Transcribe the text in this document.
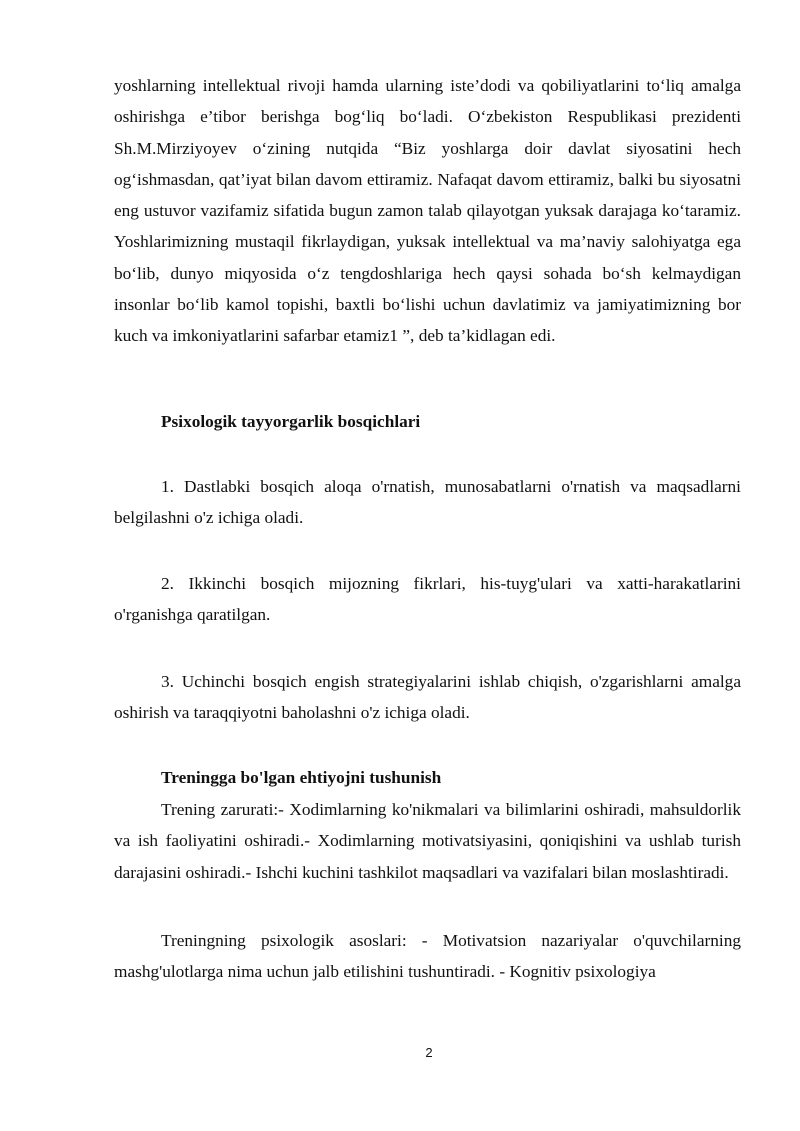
yoshlarning intellektual rivoji hamda ularning iste’dodi va qobiliyatlarini to‘liq amalga oshirishga e’tibor berishga bog‘liq bo‘ladi. O‘zbekiston Respublikasi prezidenti Sh.M.Mirziyoyev o‘zining nutqida “Biz yoshlarga doir davlat siyosatini hech og‘ishmasdan, qat’iyat bilan davom ettiramiz. Nafaqat davom ettiramiz, balki bu siyosatni eng ustuvor vazifamiz sifatida bugun zamon talab qilayotgan yuksak darajaga ko‘taramiz. Yoshlarimizning mustaqil fikrlaydigan, yuksak intellektual va ma’naviy salohiyatga ega bo‘lib, dunyo miqyosida o‘z tengdoshlariga hech qaysi sohada bo‘sh kelmaydigan insonlar bo‘lib kamol topishi, baxtli bo‘lishi uchun davlatimiz va jamiyatimizning bor kuch va imkoniyatlarini safarbar etamiz1 ”, deb ta’kidlagan edi.

Psixologik tayyorgarlik bosqichlari

1. Dastlabki bosqich aloqa o'rnatish, munosabatlarni o'rnatish va maqsadlarni belgilashni o'z ichiga oladi.

2. Ikkinchi bosqich mijozning fikrlari, his-tuyg'ulari va xatti-harakatlarini o'rganishga qaratilgan.

3. Uchinchi bosqich engish strategiyalarini ishlab chiqish, o'zgarishlarni amalga oshirish va taraqqiyotni baholashni o'z ichiga oladi.

Treningga bo'lgan ehtiyojni tushunish

Trening zarurati:- Xodimlarning ko'nikmalari va bilimlarini oshiradi, mahsuldorlik va ish faoliyatini oshiradi.- Xodimlarning motivatsiyasini, qoniqishini va ushlab turish darajasini oshiradi.- Ishchi kuchini tashkilot maqsadlari va vazifalari bilan moslashtiradi.

Treningning psixologik asoslari: - Motivatsion nazariyalar o'quvchilarning mashg'ulotlarga nima uchun jalb etilishini tushuntiradi. - Kognitiv psixologiya

2
